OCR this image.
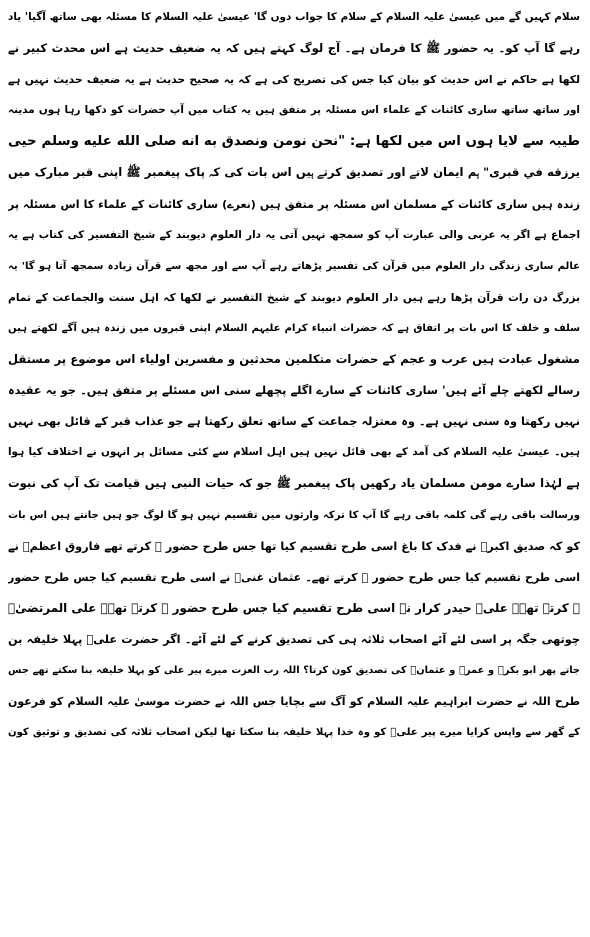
سلام کہیں گے میں عیسیٰ علیہ السلام کے سلام کا جواب دوں گا' عیسیٰ علیہ السلام کا مسئلہ بھی ساتھ آگیا' یاد
رہے گا آپ کو۔ یہ حضور ﷺ کا فرمان ہے۔ آج لوگ کہتے ہیں کہ یہ ضعیف حدیث ہے اس محدث کبیر نے
لکھا ہے حاکم نے اس حدیث کو بیان کیا جس کی تصریح کی ہے کہ یہ صحیح حدیث ہے یہ ضعیف حدیث نہیں ہے
اور ساتھ ساتھ ساری کائنات کے علماء اس مسئلہ پر متفق ہیں یہ کتاب میں آپ حضرات کو دکھا رہا ہوں مدینہ
طیبہ سے لایا ہوں اس میں لکھا ہے: "نحن نومن ونصدق به انه صلى الله عليه وسلم حيى
يرزقه في قبرى" ہم ایمان لاتے اور تصدیق کرتے ہیں اس بات کی کہ پاک پیغمبر ﷺ اپنی قبر مبارک میں
زندہ ہیں ساری کائنات کے مسلمان اس مسئلہ پر متفق ہیں (نعرے) ساری کائنات کے علماء کا اس مسئلہ پر
اجماع ہے اگر یہ عربی والی عبارت آپ کو سمجھ نہیں آتی یہ دار العلوم دیوبند کے شیخ التفسیر کی کتاب ہے یہ
عالم ساری زندگی دار العلوم میں قرآن کی تفسیر پڑھاتے رہے آپ سے اور مجھ سے قرآن زیادہ سمجھ آتا ہو گا' یہ
بزرگ دن رات قرآن پڑھا رہے ہیں دار العلوم دیوبند کے شیخ التفسیر نے لکھا کہ اہل سنت والجماعت کے تمام
سلف و خلف کا اس بات پر اتفاق ہے کہ حضرات انبیاء کرام علیہم السلام اپنی قبروں میں زندہ ہیں آگے لکھتے ہیں
مشغول عبادت ہیں عرب و عجم کے حضرات متکلمین محدثین و مفسرین اولیاء اس موضوع پر مستقل
رسالے لکھتے چلے آئے ہیں' ساری کائنات کے سارے اگلے پچھلے سنی اس مسئلے پر متفق ہیں۔ جو یہ عقیدہ
نہیں رکھتا وہ سنی نہیں ہے۔ وہ معتزلہ جماعت کے ساتھ تعلق رکھتا ہے جو عذاب قبر کے قائل بھی نہیں
ہیں۔ عیسیٰ علیہ السلام کی آمد کے بھی قائل نہیں ہیں اہل اسلام سے کئی مسائل پر انہوں نے اختلاف کیا ہوا
ہے لہٰذا سارے مومن مسلمان یاد رکھیں پاک پیغمبر ﷺ جو کہ حیات النبی ہیں قیامت تک آپ کی نبوت
ورسالت باقی رہے گی کلمہ باقی رہے گا آپ کا ترکہ وارثوں میں تقسیم نہیں ہو گا لوگ جو ہیں جانتے ہیں اس بات
کو کہ صدیق اکبرؓ نے فدک کا باغ اسی طرح تقسیم کیا تھا جس طرح حضور ﷺ کرتے تھے فاروق اعظمؓ نے
اسی طرح تقسیم کیا جس طرح حضور ﷺ کرتے تھے۔ عثمان غنیؓ نے اسی طرح تقسیم کیا جس طرح حضور
ﷺ کرتے تھے۔ علیؓ حیدر کرار نے اسی طرح تقسیم کیا جس طرح حضور ﷺ کرتے تھے۔ علی المرتضیٰؓ
چوتھی جگہ پر اسی لئے آئے اصحاب ثلاثہ ہی کی تصدیق کرنے کے لئے آئے۔ اگر حضرت علیؓ پہلا خلیفہ بن
جاتے پھر ابو بکرؓ و عمرؓ و عثمانؓ کی تصدیق کون کرتا؟ اللہ رب العزت میرے پیر علی کو پہلا خلیفہ بنا سکتے تھے جس
طرح اللہ نے حضرت ابراہیم علیہ السلام کو آگ سے بچایا جس اللہ نے حضرت موسیٰ علیہ السلام کو فرعون
کے گھر سے واپس کرایا میرے پیر علیؓ کو وہ خدا پہلا خلیفہ بنا سکتا تھا لیکن اصحاب ثلاثہ کی تصدیق و توثیق کون
